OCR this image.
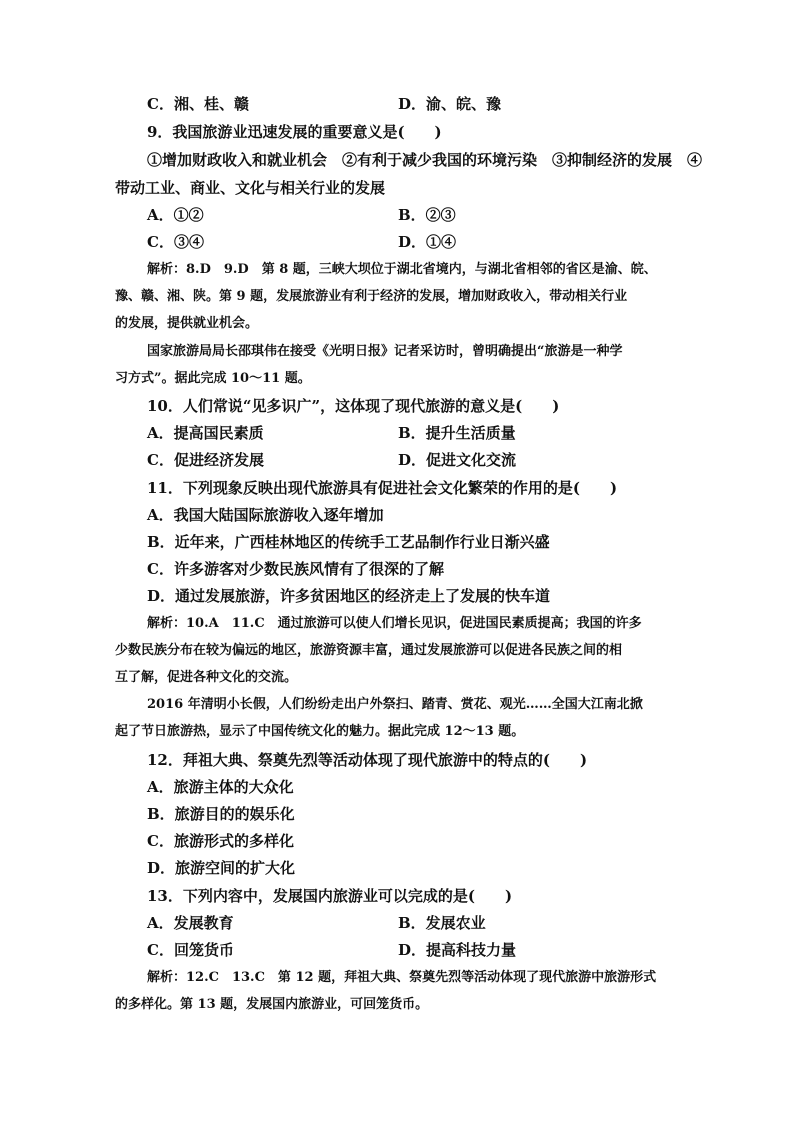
C．湘、桂、赣	D．渝、皖、豫
9．我国旅游业迅速发展的重要意义是(　　)
①增加财政收入和就业机会　②有利于减少我国的环境污染　③抑制经济的发展　④
带动工业、商业、文化与相关行业的发展
A．①②	B．②③
C．③④	D．①④
解析：8.D　9.D　第 8 题，三峡大坝位于湖北省境内，与湖北省相邻的省区是渝、皖、
豫、赣、湘、陕。第 9 题，发展旅游业有利于经济的发展，增加财政收入，带动相关行业
的发展，提供就业机会。
国家旅游局局长邵琪伟在接受《光明日报》记者采访时，曾明确提出“旅游是一种学
习方式”。据此完成 10～11 题。
10．人们常说“见多识广”，这体现了现代旅游的意义是(　　)
A．提高国民素质	B．提升生活质量
C．促进经济发展	D．促进文化交流
11．下列现象反映出现代旅游具有促进社会文化繁荣的作用的是(　　)
A．我国大陆国际旅游收入逐年增加
B．近年来，广西桂林地区的传统手工艺品制作行业日渐兴盛
C．许多游客对少数民族风情有了很深的了解
D．通过发展旅游，许多贫困地区的经济走上了发展的快车道
解析：10.A　11.C　通过旅游可以使人们增长见识，促进国民素质提高；我国的许多
少数民族分布在较为偏远的地区，旅游资源丰富，通过发展旅游可以促进各民族之间的相
互了解，促进各种文化的交流。
2016 年清明小长假，人们纷纷走出户外祭扫、踏青、赏花、观光……全国大江南北掀
起了节日旅游热，显示了中国传统文化的魅力。据此完成 12～13 题。
12．拜祖大典、祭奠先烈等活动体现了现代旅游中的特点的(　　)
A．旅游主体的大众化
B．旅游目的的娱乐化
C．旅游形式的多样化
D．旅游空间的扩大化
13．下列内容中，发展国内旅游业可以完成的是(　　)
A．发展教育	B．发展农业
C．回笼货币	D．提高科技力量
解析：12.C　13.C　第 12 题，拜祖大典、祭奠先烈等活动体现了现代旅游中旅游形式
的多样化。第 13 题，发展国内旅游业，可回笼货币。
